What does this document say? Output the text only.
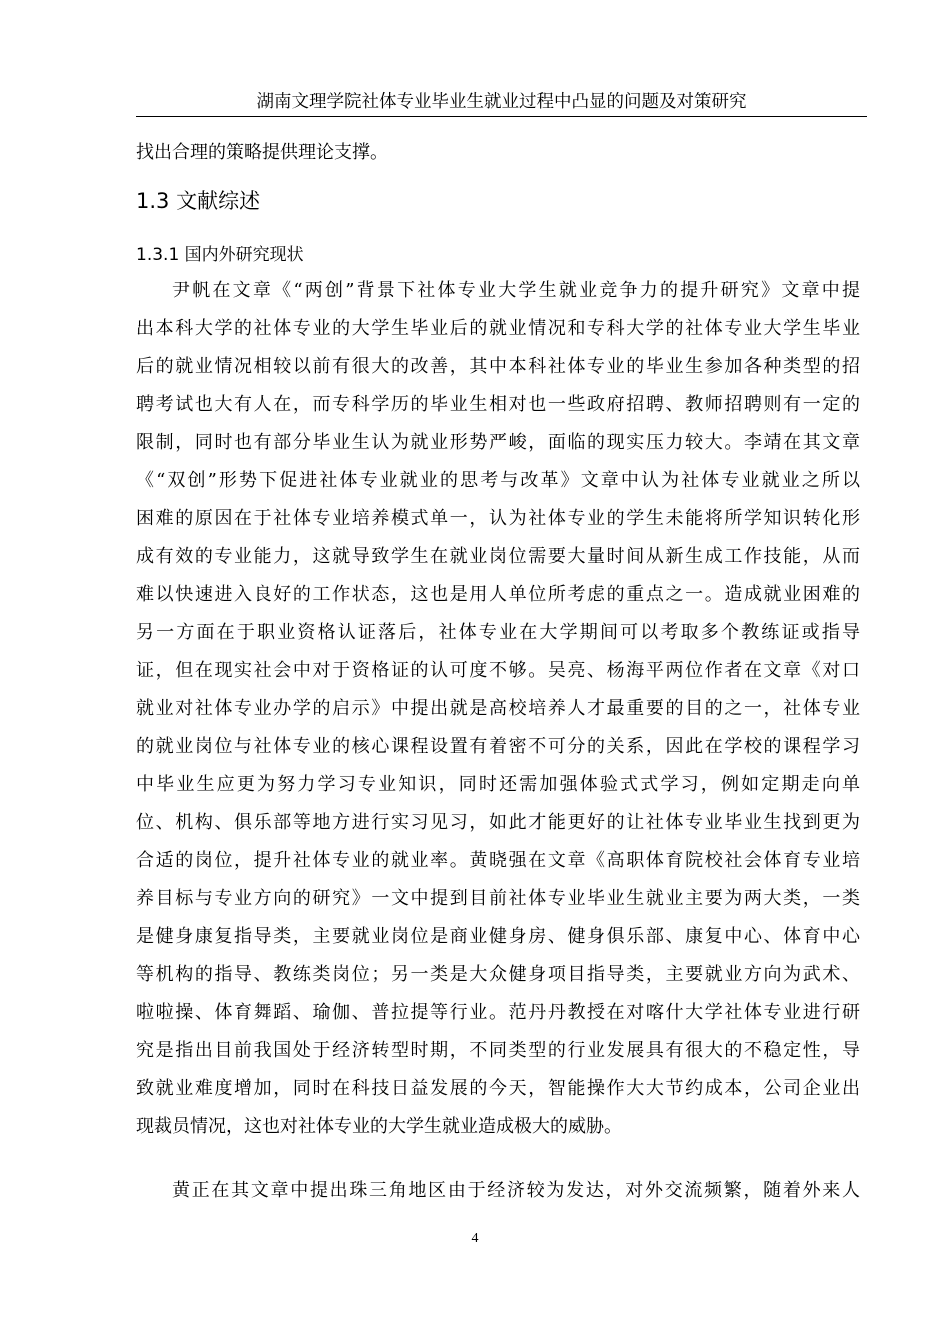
湖南文理学院社体专业毕业生就业过程中凸显的问题及对策研究
找出合理的策略提供理论支撑。
1.3 文献综述
1.3.1 国内外研究现状
尹帆在文章《“两创”背景下社体专业大学生就业竞争力的提升研究》文章中提
出本科大学的社体专业的大学生毕业后的就业情况和专科大学的社体专业大学生毕业
后的就业情况相较以前有很大的改善，其中本科社体专业的毕业生参加各种类型的招
聘考试也大有人在，而专科学历的毕业生相对也一些政府招聘、教师招聘则有一定的
限制，同时也有部分毕业生认为就业形势严峻，面临的现实压力较大。李靖在其文章
《“双创”形势下促进社体专业就业的思考与改革》文章中认为社体专业就业之所以
困难的原因在于社体专业培养模式单一，认为社体专业的学生未能将所学知识转化形
成有效的专业能力，这就导致学生在就业岗位需要大量时间从新生成工作技能，从而
难以快速进入良好的工作状态，这也是用人单位所考虑的重点之一。造成就业困难的
另一方面在于职业资格认证落后，社体专业在大学期间可以考取多个教练证或指导
证，但在现实社会中对于资格证的认可度不够。吴亮、杨海平两位作者在文章《对口
就业对社体专业办学的启示》中提出就是高校培养人才最重要的目的之一，社体专业
的就业岗位与社体专业的核心课程设置有着密不可分的关系，因此在学校的课程学习
中毕业生应更为努力学习专业知识，同时还需加强体验式式学习，例如定期走向单
位、机构、俱乐部等地方进行实习见习，如此才能更好的让社体专业毕业生找到更为
合适的岗位，提升社体专业的就业率。黄晓强在文章《高职体育院校社会体育专业培
养目标与专业方向的研究》一文中提到目前社体专业毕业生就业主要为两大类，一类
是健身康复指导类，主要就业岗位是商业健身房、健身俱乐部、康复中心、体育中心
等机构的指导、教练类岗位；另一类是大众健身项目指导类，主要就业方向为武术、
啦啦操、体育舞蹈、瑜伽、普拉提等行业。范丹丹教授在对喀什大学社体专业进行研
究是指出目前我国处于经济转型时期，不同类型的行业发展具有很大的不稳定性，导
致就业难度增加，同时在科技日益发展的今天，智能操作大大节约成本，公司企业出
现裁员情况，这也对社体专业的大学生就业造成极大的威胁。
黄正在其文章中提出珠三角地区由于经济较为发达，对外交流频繁，随着外来人
4
